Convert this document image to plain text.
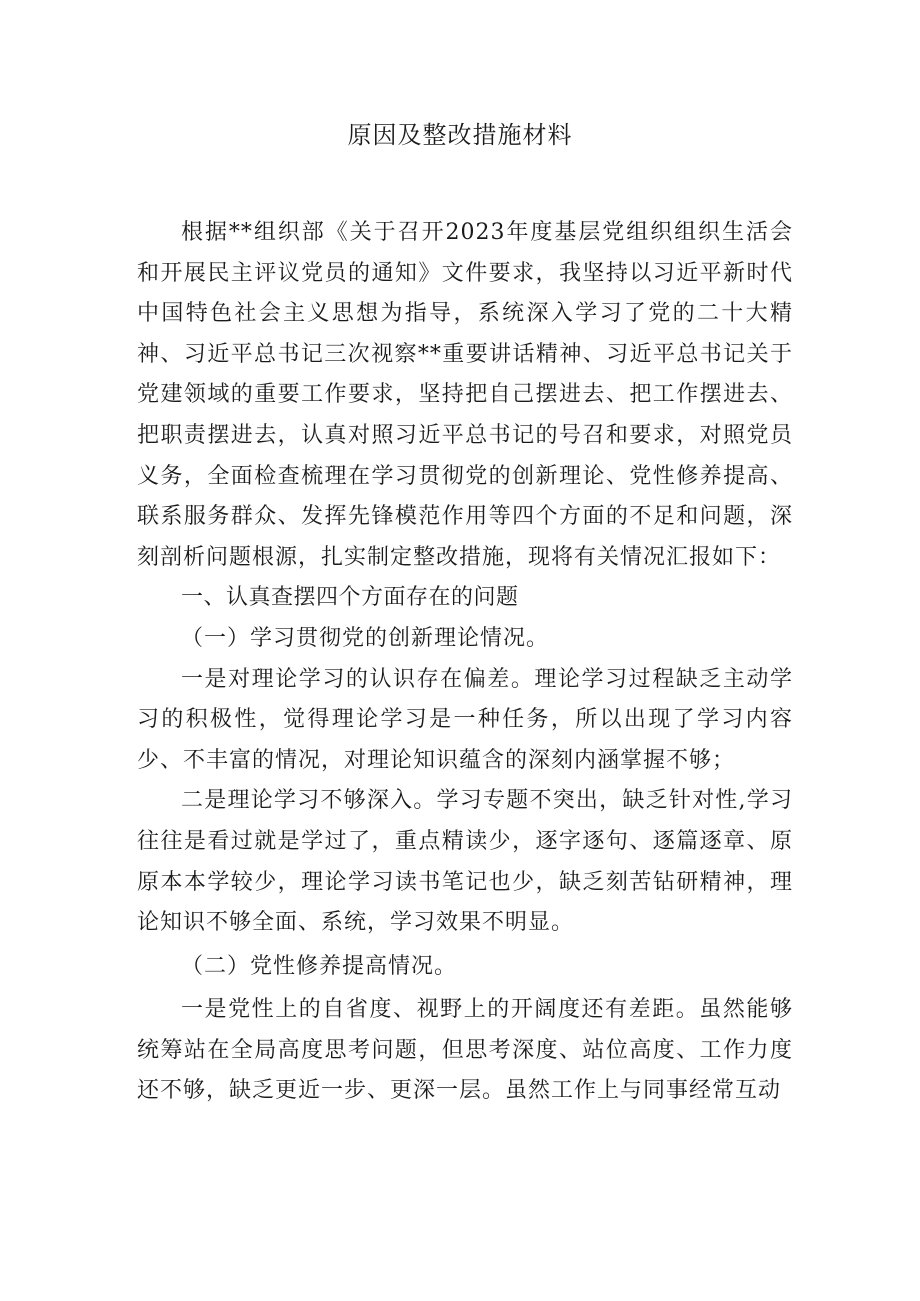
原因及整改措施材料

根据**组织部《关于召开2023年度基层党组织组织生活会和开展民主评议党员的通知》文件要求，我坚持以习近平新时代中国特色社会主义思想为指导，系统深入学习了党的二十大精神、习近平总书记三次视察**重要讲话精神、习近平总书记关于党建领域的重要工作要求，坚持把自己摆进去、把工作摆进去、把职责摆进去，认真对照习近平总书记的号召和要求，对照党员义务，全面检查梳理在学习贯彻党的创新理论、党性修养提高、联系服务群众、发挥先锋模范作用等四个方面的不足和问题，深刻剖析问题根源，扎实制定整改措施，现将有关情况汇报如下：

一、认真查摆四个方面存在的问题
（一）学习贯彻党的创新理论情况。

一是对理论学习的认识存在偏差。理论学习过程缺乏主动学习的积极性，觉得理论学习是一种任务，所以出现了学习内容少、不丰富的情况，对理论知识蕴含的深刻内涵掌握不够；

二是理论学习不够深入。学习专题不突出，缺乏针对性,学习往往是看过就是学过了，重点精读少，逐字逐句、逐篇逐章、原原本本学较少，理论学习读书笔记也少，缺乏刻苦钻研精神，理论知识不够全面、系统，学习效果不明显。

（二）党性修养提高情况。

一是党性上的自省度、视野上的开阔度还有差距。虽然能够统筹站在全局高度思考问题，但思考深度、站位高度、工作力度还不够，缺乏更近一步、更深一层。虽然工作上与同事经常互动
